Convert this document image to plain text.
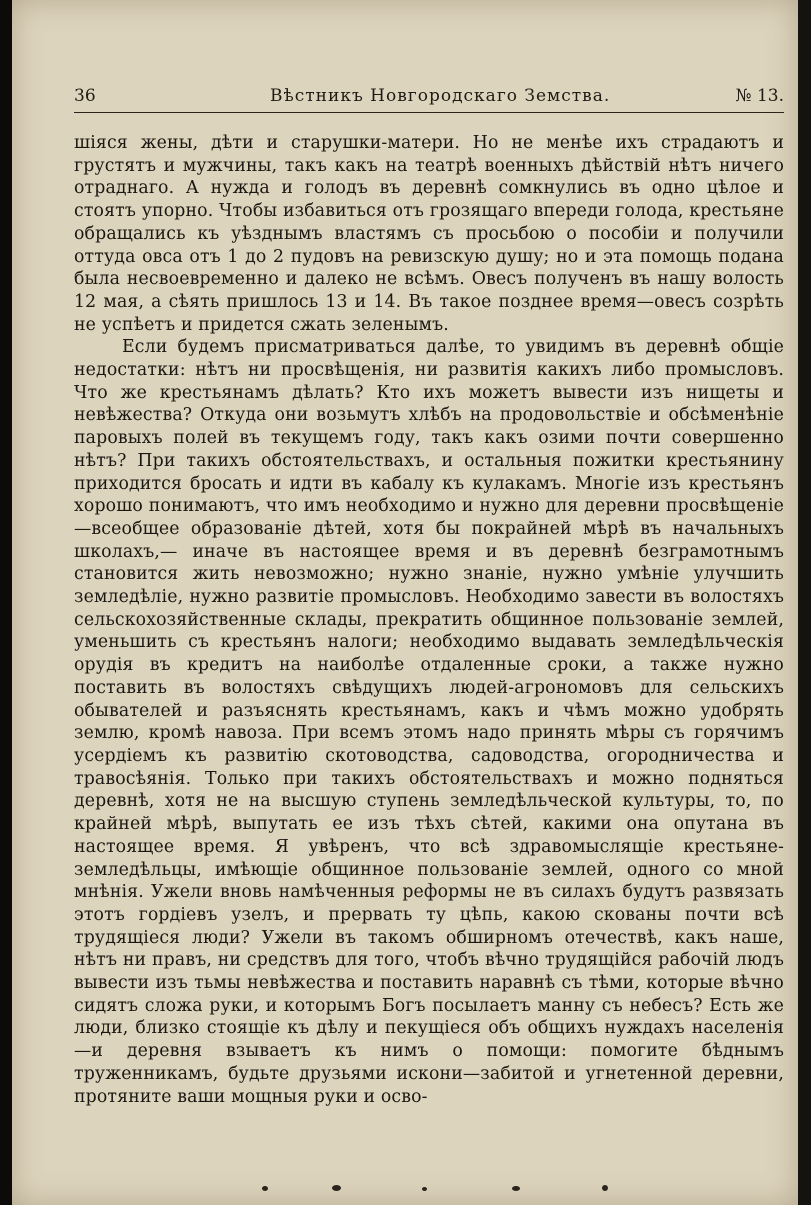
36	Вѣстникъ Новгородскаго Земства.	№ 13.

шіяся жены, дѣти и старушки-матери. Но не менѣе ихъ страдаютъ и грустятъ и мужчины, такъ какъ на театрѣ военныхъ дѣйствій нѣтъ ничего отраднаго. А нужда и голодъ въ деревнѣ сомкнулись въ одно цѣлое и стоятъ упорно. Чтобы избавиться отъ грозящаго впереди голода, крестьяне обращались къ уѣзднымъ властямъ съ просьбою о пособіи и получили оттуда овса отъ 1 до 2 пудовъ на ревизскую душу; но и эта помощь подана была несвоевременно и далеко не всѣмъ. Овесъ полученъ въ нашу волость 12 мая, а сѣять пришлось 13 и 14. Въ такое позднее время—овесъ созрѣть не успѣетъ и придется сжать зеленымъ.

Если будемъ присматриваться далѣе, то увидимъ въ деревнѣ общіе недостатки: нѣтъ ни просвѣщенія, ни развитія какихъ либо промысловъ. Что же крестьянамъ дѣлать? Кто ихъ можетъ вывести изъ нищеты и невѣжества? Откуда они возьмутъ хлѣбъ на продовольствіе и обсѣменѣніе паровыхъ полей въ текущемъ году, такъ какъ озими почти совершенно нѣтъ? При такихъ обстоятельствахъ, и остальныя пожитки крестьянину приходится бросать и идти въ кабалу къ кулакамъ. Многіе изъ крестьянъ хорошо понимаютъ, что имъ необходимо и нужно для деревни просвѣщеніе—всеобщее образованіе дѣтей, хотя бы покрайней мѣрѣ въ начальныхъ школахъ,— иначе въ настоящее время и въ деревнѣ безграмотнымъ становится жить невозможно; нужно знаніе, нужно умѣніе улучшить земледѣліе, нужно развитіе промысловъ. Необходимо завести въ волостяхъ сельскохозяйственные склады, прекратить общинное пользованіе землей, уменьшить съ крестьянъ налоги; необходимо выдавать земледѣльческія орудія въ кредитъ на наиболѣе отдаленные сроки, а также нужно поставить въ волостяхъ свѣдущихъ людей-агрономовъ для сельскихъ обывателей и разъяснять крестьянамъ, какъ и чѣмъ можно удобрять землю, кромѣ навоза. При всемъ этомъ надо принять мѣры съ горячимъ усердіемъ къ развитію скотоводства, садоводства, огородничества и травосѣянія. Только при такихъ обстоятельствахъ и можно подняться деревнѣ, хотя не на высшую ступень земледѣльческой культуры, то, по крайней мѣрѣ, выпутать ее изъ тѣхъ сѣтей, какими она опутана въ настоящее время. Я увѣренъ, что всѣ здравомыслящіе крестьяне-земледѣльцы, имѣющіе общинное пользованіе землей, одного со мной мнѣнія. Ужели вновь намѣченныя реформы не въ силахъ будутъ развязать этотъ гордіевъ узелъ, и прервать ту цѣпь, какою скованы почти всѣ трудящіеся люди? Ужели въ такомъ обширномъ отечествѣ, какъ наше, нѣтъ ни правъ, ни средствъ для того, чтобъ вѣчно трудящійся рабочій людъ вывести изъ тьмы невѣжества и поставить наравнѣ съ тѣми, которые вѣчно сидятъ сложа руки, и которымъ Богъ посылаетъ манну съ небесъ? Есть же люди, близко стоящіе къ дѣлу и пекущіеся объ общихъ нуждахъ населенія—и деревня взываетъ къ нимъ о помощи: помогите бѣднымъ труженникамъ, будьте друзьями искони—забитой и угнетенной деревни, протяните ваши мощныя руки и осво-
